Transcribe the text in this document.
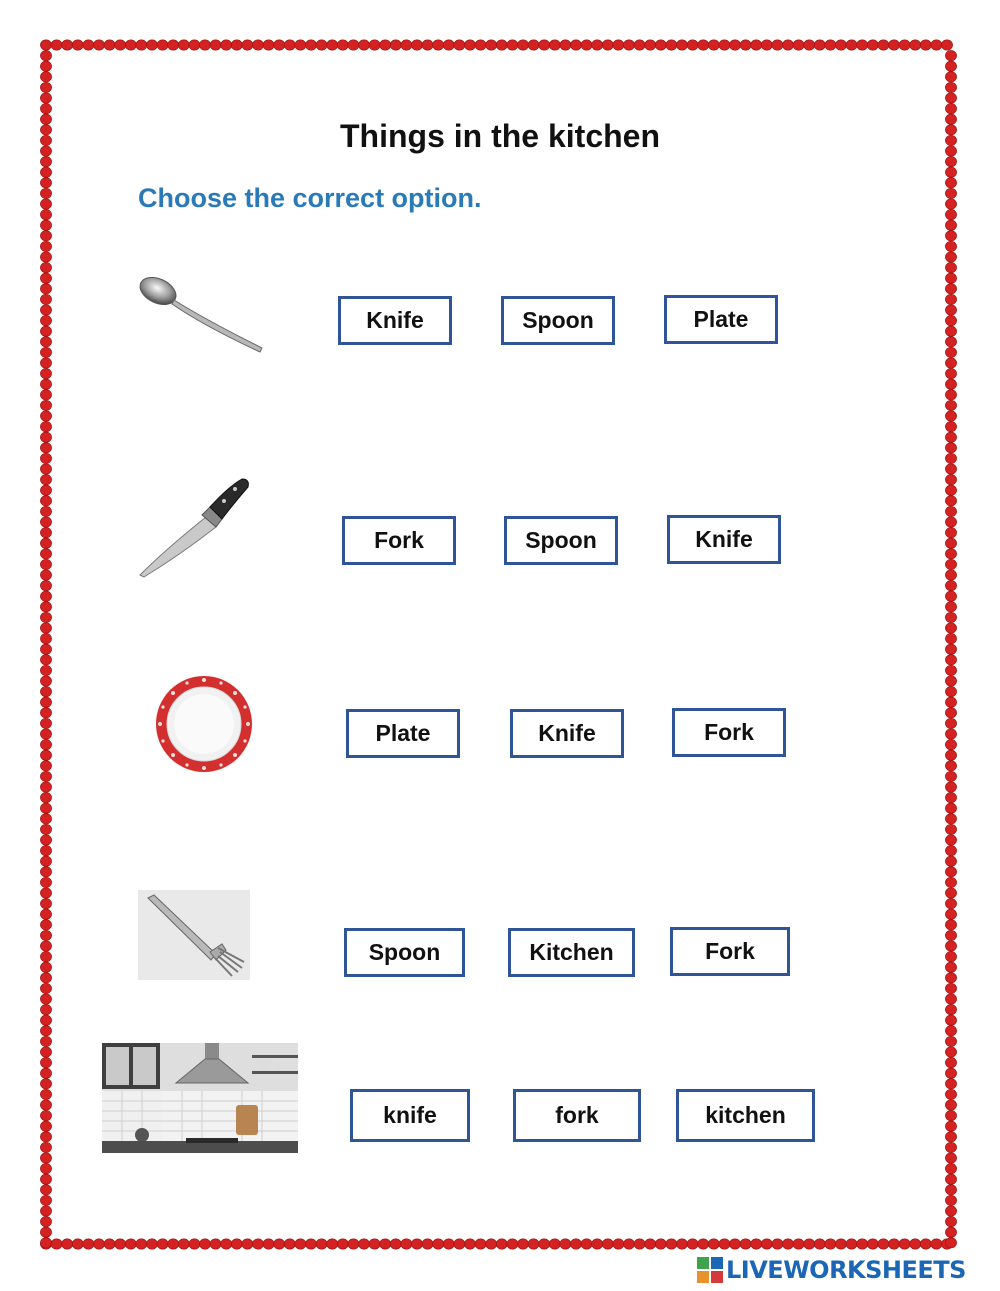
Things in the kitchen
Choose the correct option.
Knife	Spoon	Plate
Fork	Spoon	Knife
Plate	Knife	Fork
Spoon	Kitchen	Fork
knife	fork	kitchen
LIVEWORKSHEETS
